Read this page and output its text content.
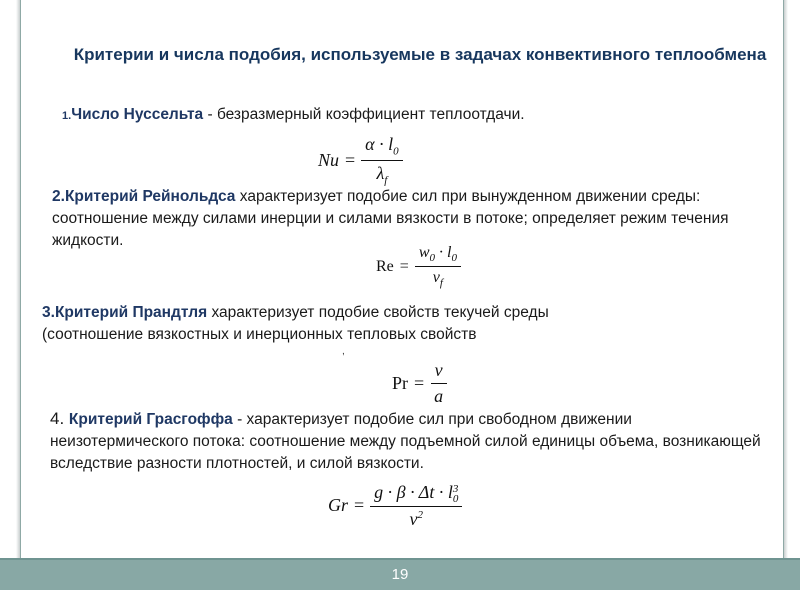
Критерии и числа подобия, используемые в задачах конвективного теплообмена

1.Число Нуссельта - безразмерный коэффициент теплоотдачи.

$Nu = \frac{\alpha \cdot l_0}{\lambda_f}$

2.Критерий Рейнольдса характеризует подобие сил при вынужденном движении среды: соотношение между силами инерции и силами вязкости в потоке; определяет режим течения жидкости.

$Re = \frac{w_0 \cdot l_0}{\nu_f}$

3.Критерий Прандтля характеризует подобие свойств текучей среды (соотношение вязкостных и инерционных тепловых свойств

,
$Pr = \frac{\nu}{a}$

4. Критерий Грасгоффа - характеризует подобие сил при свободном движении неизотермического потока: соотношение между подъемной силой единицы объема, возникающей вследствие разности плотностей, и силой вязкости.

Gr = g · β · Δt · l 3
0
$\nu^2$
19
